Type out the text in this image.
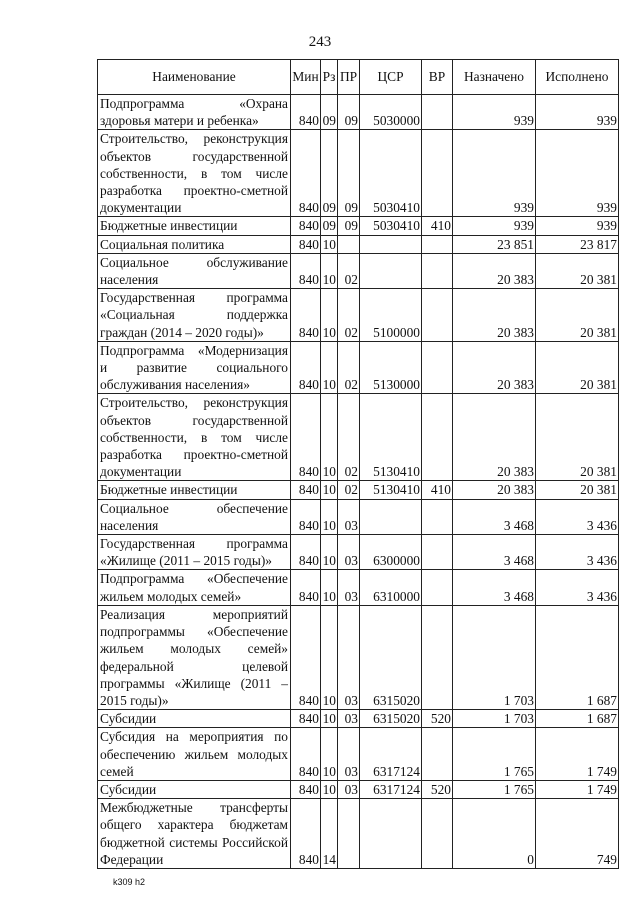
243
Наименование	Мин	Рз	ПР	ЦСР	ВР	Назначено	Исполнено
Подпрограмма «Охрана здоровья матери и ребенка»	840	09	09	5030000		939	939
Строительство, реконструкция объектов государственной собственности, в том числе разработка проектно-сметной документации	840	09	09	5030410		939	939
Бюджетные инвестиции	840	09	09	5030410	410	939	939
Социальная политика	840	10				23 851	23 817
Социальное обслуживание населения	840	10	02			20 383	20 381
Государственная программа «Социальная поддержка граждан (2014 – 2020 годы)»	840	10	02	5100000		20 383	20 381
Подпрограмма «Модернизация и развитие социального обслуживания населения»	840	10	02	5130000		20 383	20 381
Строительство, реконструкция объектов государственной собственности, в том числе разработка проектно-сметной документации	840	10	02	5130410		20 383	20 381
Бюджетные инвестиции	840	10	02	5130410	410	20 383	20 381
Социальное обеспечение населения	840	10	03			3 468	3 436
Государственная программа «Жилище (2011 – 2015 годы)»	840	10	03	6300000		3 468	3 436
Подпрограмма «Обеспечение жильем молодых семей»	840	10	03	6310000		3 468	3 436
Реализация мероприятий подпрограммы «Обеспечение жильем молодых семей» федеральной целевой программы «Жилище (2011 – 2015 годы)»	840	10	03	6315020		1 703	1 687
Субсидии	840	10	03	6315020	520	1 703	1 687
Субсидия на мероприятия по обеспечению жильем молодых семей	840	10	03	6317124		1 765	1 749
Субсидии	840	10	03	6317124	520	1 765	1 749
Межбюджетные трансферты общего характера бюджетам бюджетной системы Российской Федерации	840	14				0	749
k309 h2
